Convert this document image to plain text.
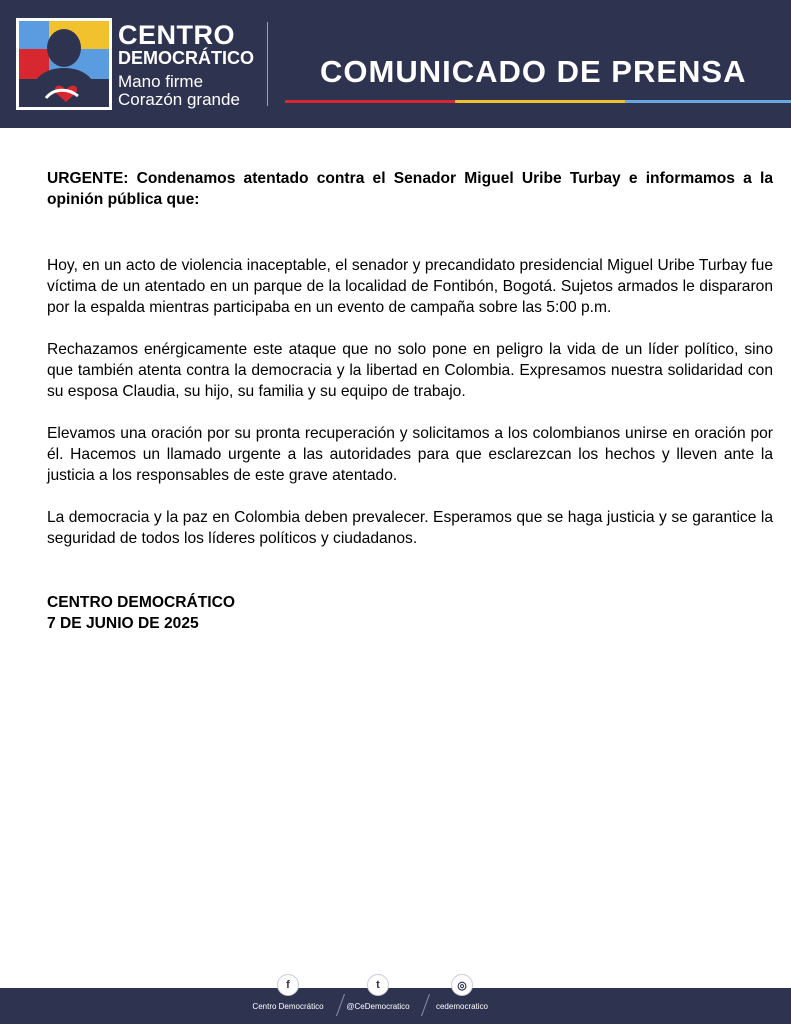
CENTRO
DEMOCRÁTICO
Mano firme
Corazón grande
COMUNICADO DE PRENSA

URGENTE: Condenamos atentado contra el Senador Miguel Uribe Turbay e informamos a la opinión pública que:

Hoy, en un acto de violencia inaceptable, el senador y precandidato presidencial Miguel Uribe Turbay fue víctima de un atentado en un parque de la localidad de Fontibón, Bogotá. Sujetos armados le dispararon por la espalda mientras participaba en un evento de campaña sobre las 5:00 p.m.

Rechazamos enérgicamente este ataque que no solo pone en peligro la vida de un líder político, sino que también atenta contra la democracia y la libertad en Colombia. Expresamos nuestra solidaridad con su esposa Claudia, su hijo, su familia y su equipo de trabajo.

Elevamos una oración por su pronta recuperación y solicitamos a los colombianos unirse en oración por él. Hacemos un llamado urgente a las autoridades para que esclarezcan los hechos y lleven ante la justicia a los responsables de este grave atentado.

La democracia y la paz en Colombia deben prevalecer. Esperamos que se haga justicia y se garantice la seguridad de todos los líderes políticos y ciudadanos.

CENTRO DEMOCRÁTICO
7 DE JUNIO DE 2025
f
Centro Democrático
t
@CeDemocratico
◎
cedemocratico
